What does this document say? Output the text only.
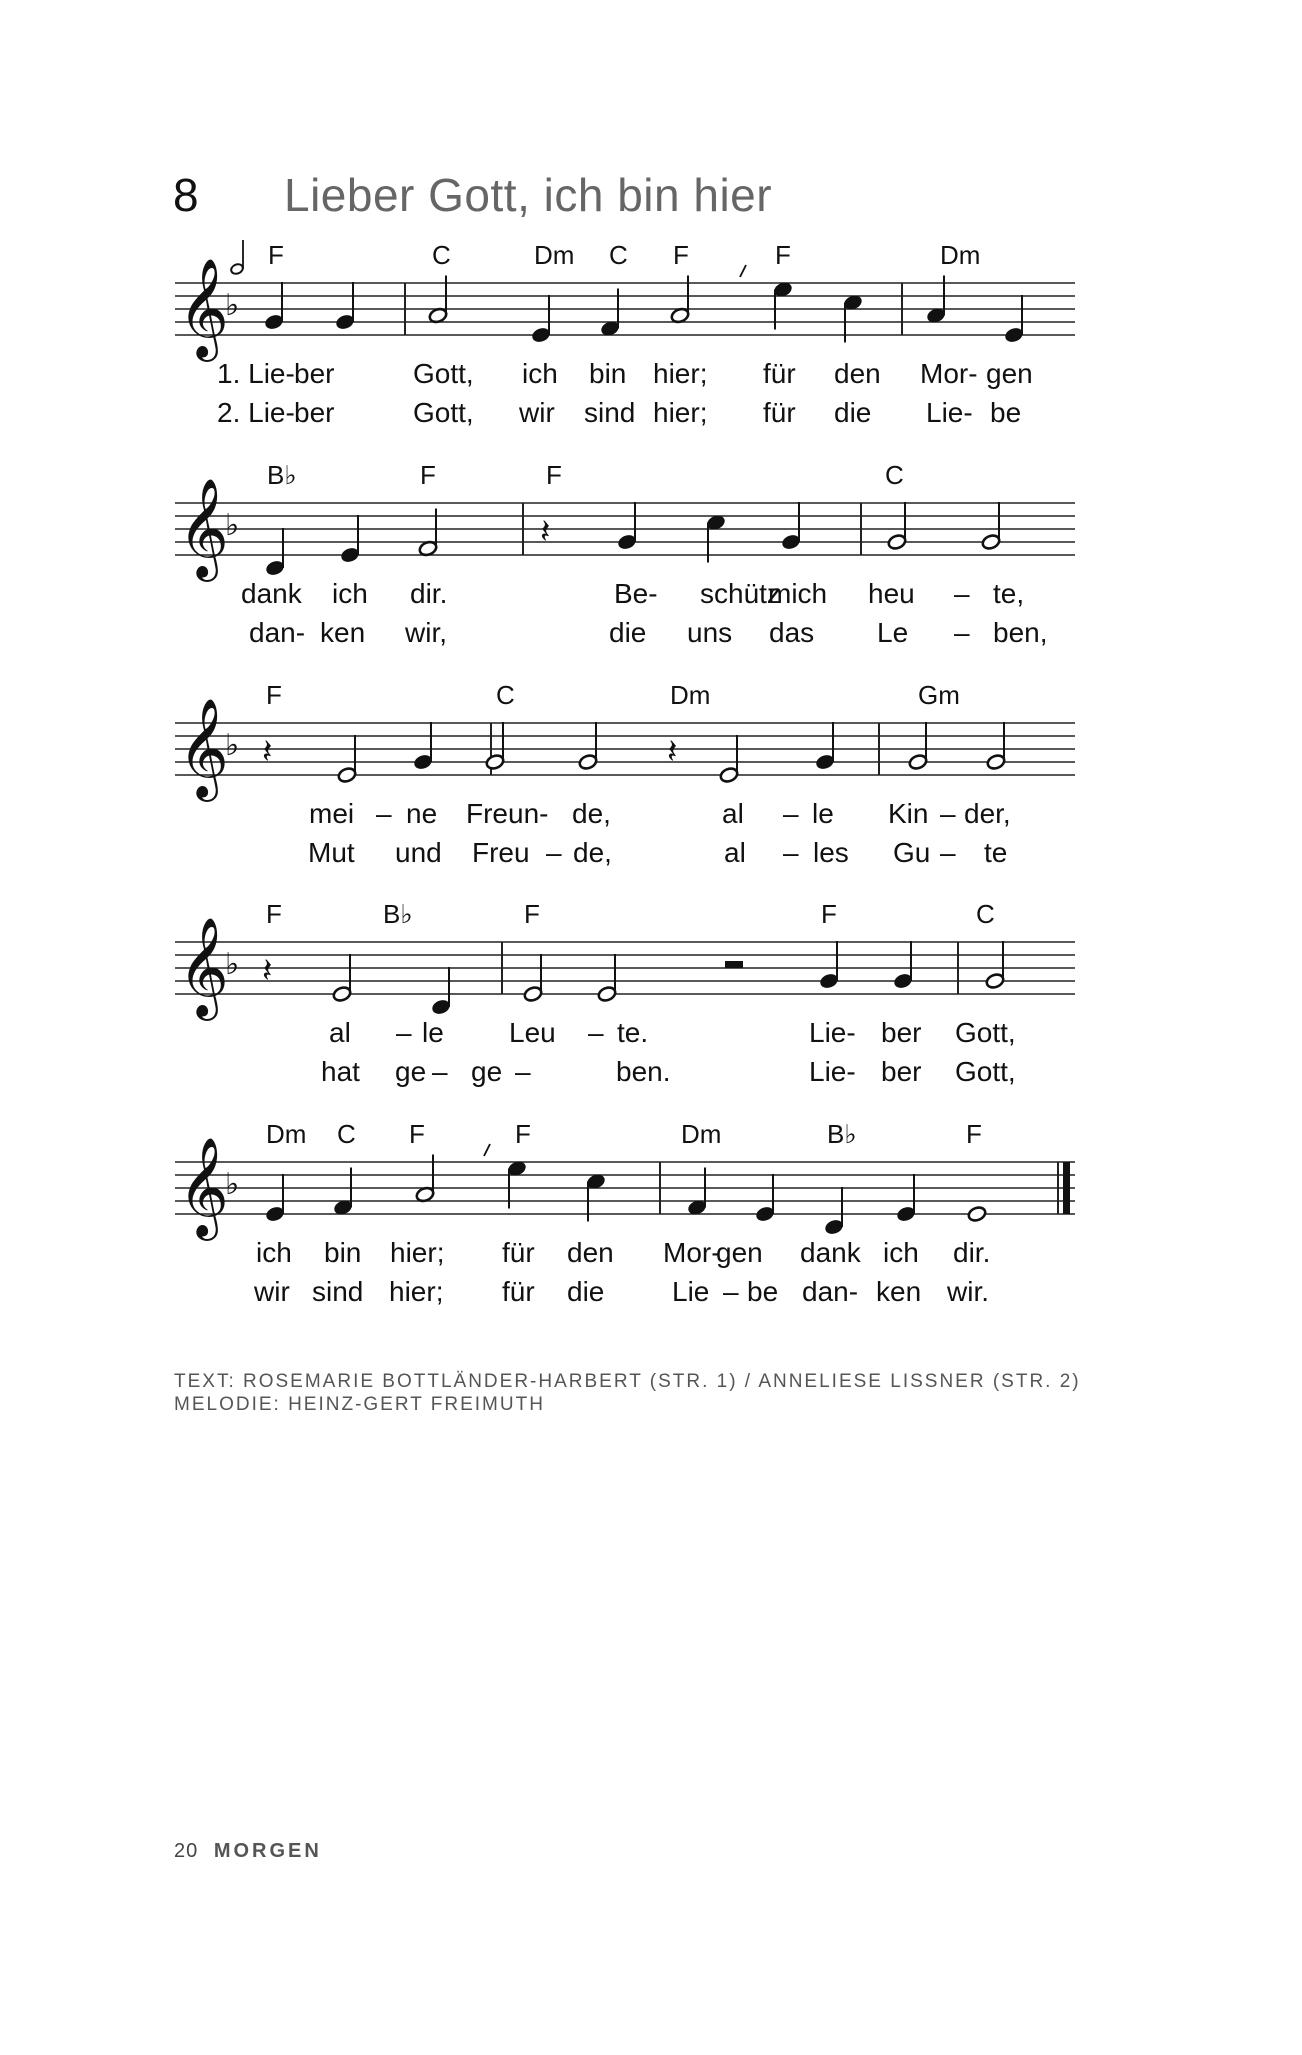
8 Lieber Gott, ich bin hier
𝄞
♭
F	C	Dm C F	F	Dm
1. Lie- ber	Gott, ich bin hier; für den Mor- gen
2. Lie- ber	Gott, wir sind hier; für die Lie- be
𝄞
♭	𝄽
B♭	F	F	C
dank ich dir.	Be- schütz
mich heu – te,
dan- ken wir,	die uns das Le – ben,
𝄞
♭ 𝄽	𝄽
F	C	Dm	Gm
mei – ne Freun- de,	al – le Kin – der,
Mut und Freu – de,	al – les Gu – te
𝄞
♭ 𝄽
F	B♭	F	F	C
al – le Leu – te.	Lie- ber Gott,
hat ge – ge –	ben.	Lie- ber Gott,
𝄞
♭
Dm C F	F	Dm	B♭	F
ich bin hier; für den Mor-
gen dank ich dir.
wir sind hier; für die Lie – be dan- ken wir.
TEXT: ROSEMARIE BOTTLÄNDER-HARBERT (STR. 1) / ANNELIESE LISSNER (STR. 2)
MELODIE: HEINZ-GERT FREIMUTH
20 MORGEN
